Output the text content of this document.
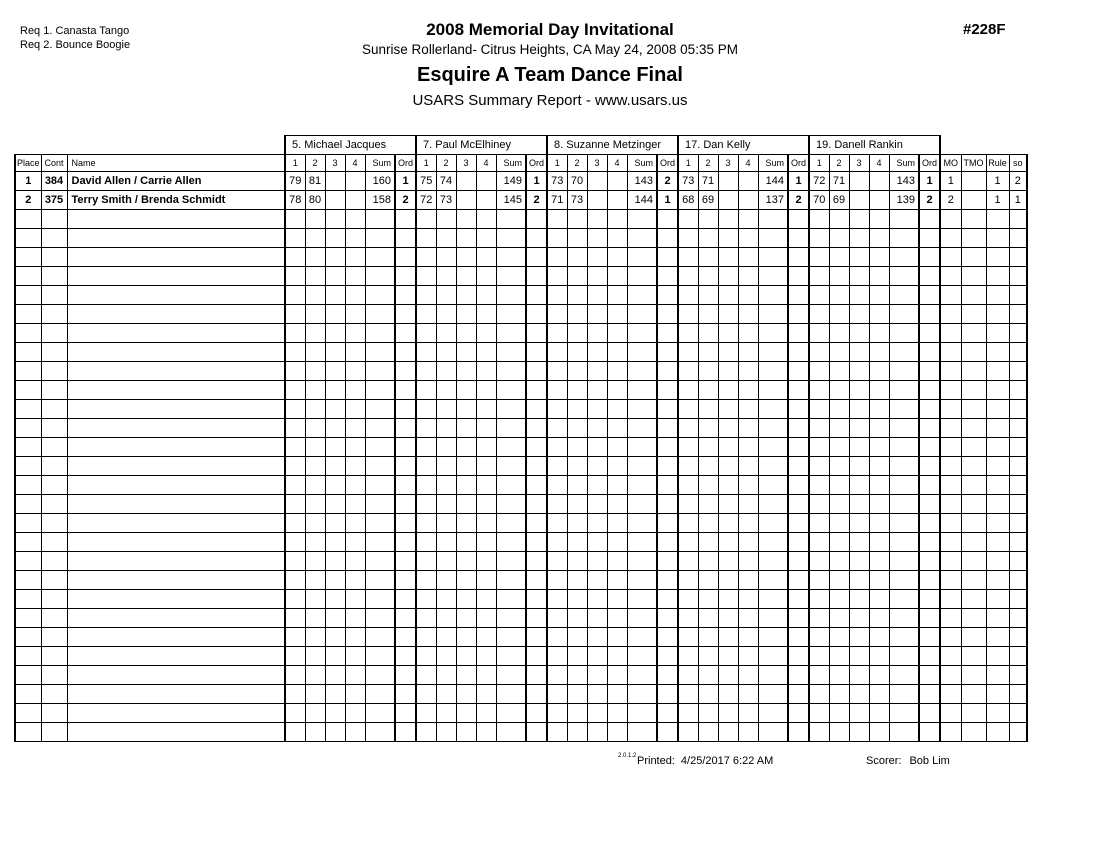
Req 1. Canasta Tango
Req 2. Bounce Boogie
#228F
2008 Memorial Day Invitational
Sunrise Rollerland- Citrus Heights, CA May 24, 2008 05:35 PM
Esquire A Team Dance Final
USARS Summary Report - www.usars.us
			5. Michael Jacques						7. Paul McElhiney						8. Suzanne Metzinger						17. Dan Kelly						19. Danell Rankin									
Place	Cont	Name	1	2	3	4	Sum	Ord	1	2	3	4	Sum	Ord	1	2	3	4	Sum	Ord	1	2	3	4	Sum	Ord	1	2	3	4	Sum	Ord	MO	TMO	Rule	so
1	384	David Allen / Carrie Allen	79	81			160	1	75	74			149	1	73	70			143	2	73	71			144	1	72	71			143	1	1		1	2
2	375	Terry Smith / Brenda Schmidt	78	80			158	2	72	73			145	2	71	73			144	1	68	69			137	2	70	69			139	2	2		1	1

2.0.1.2 Printed: 4/25/2017 6:22 AM	Scorer: Bob Lim
